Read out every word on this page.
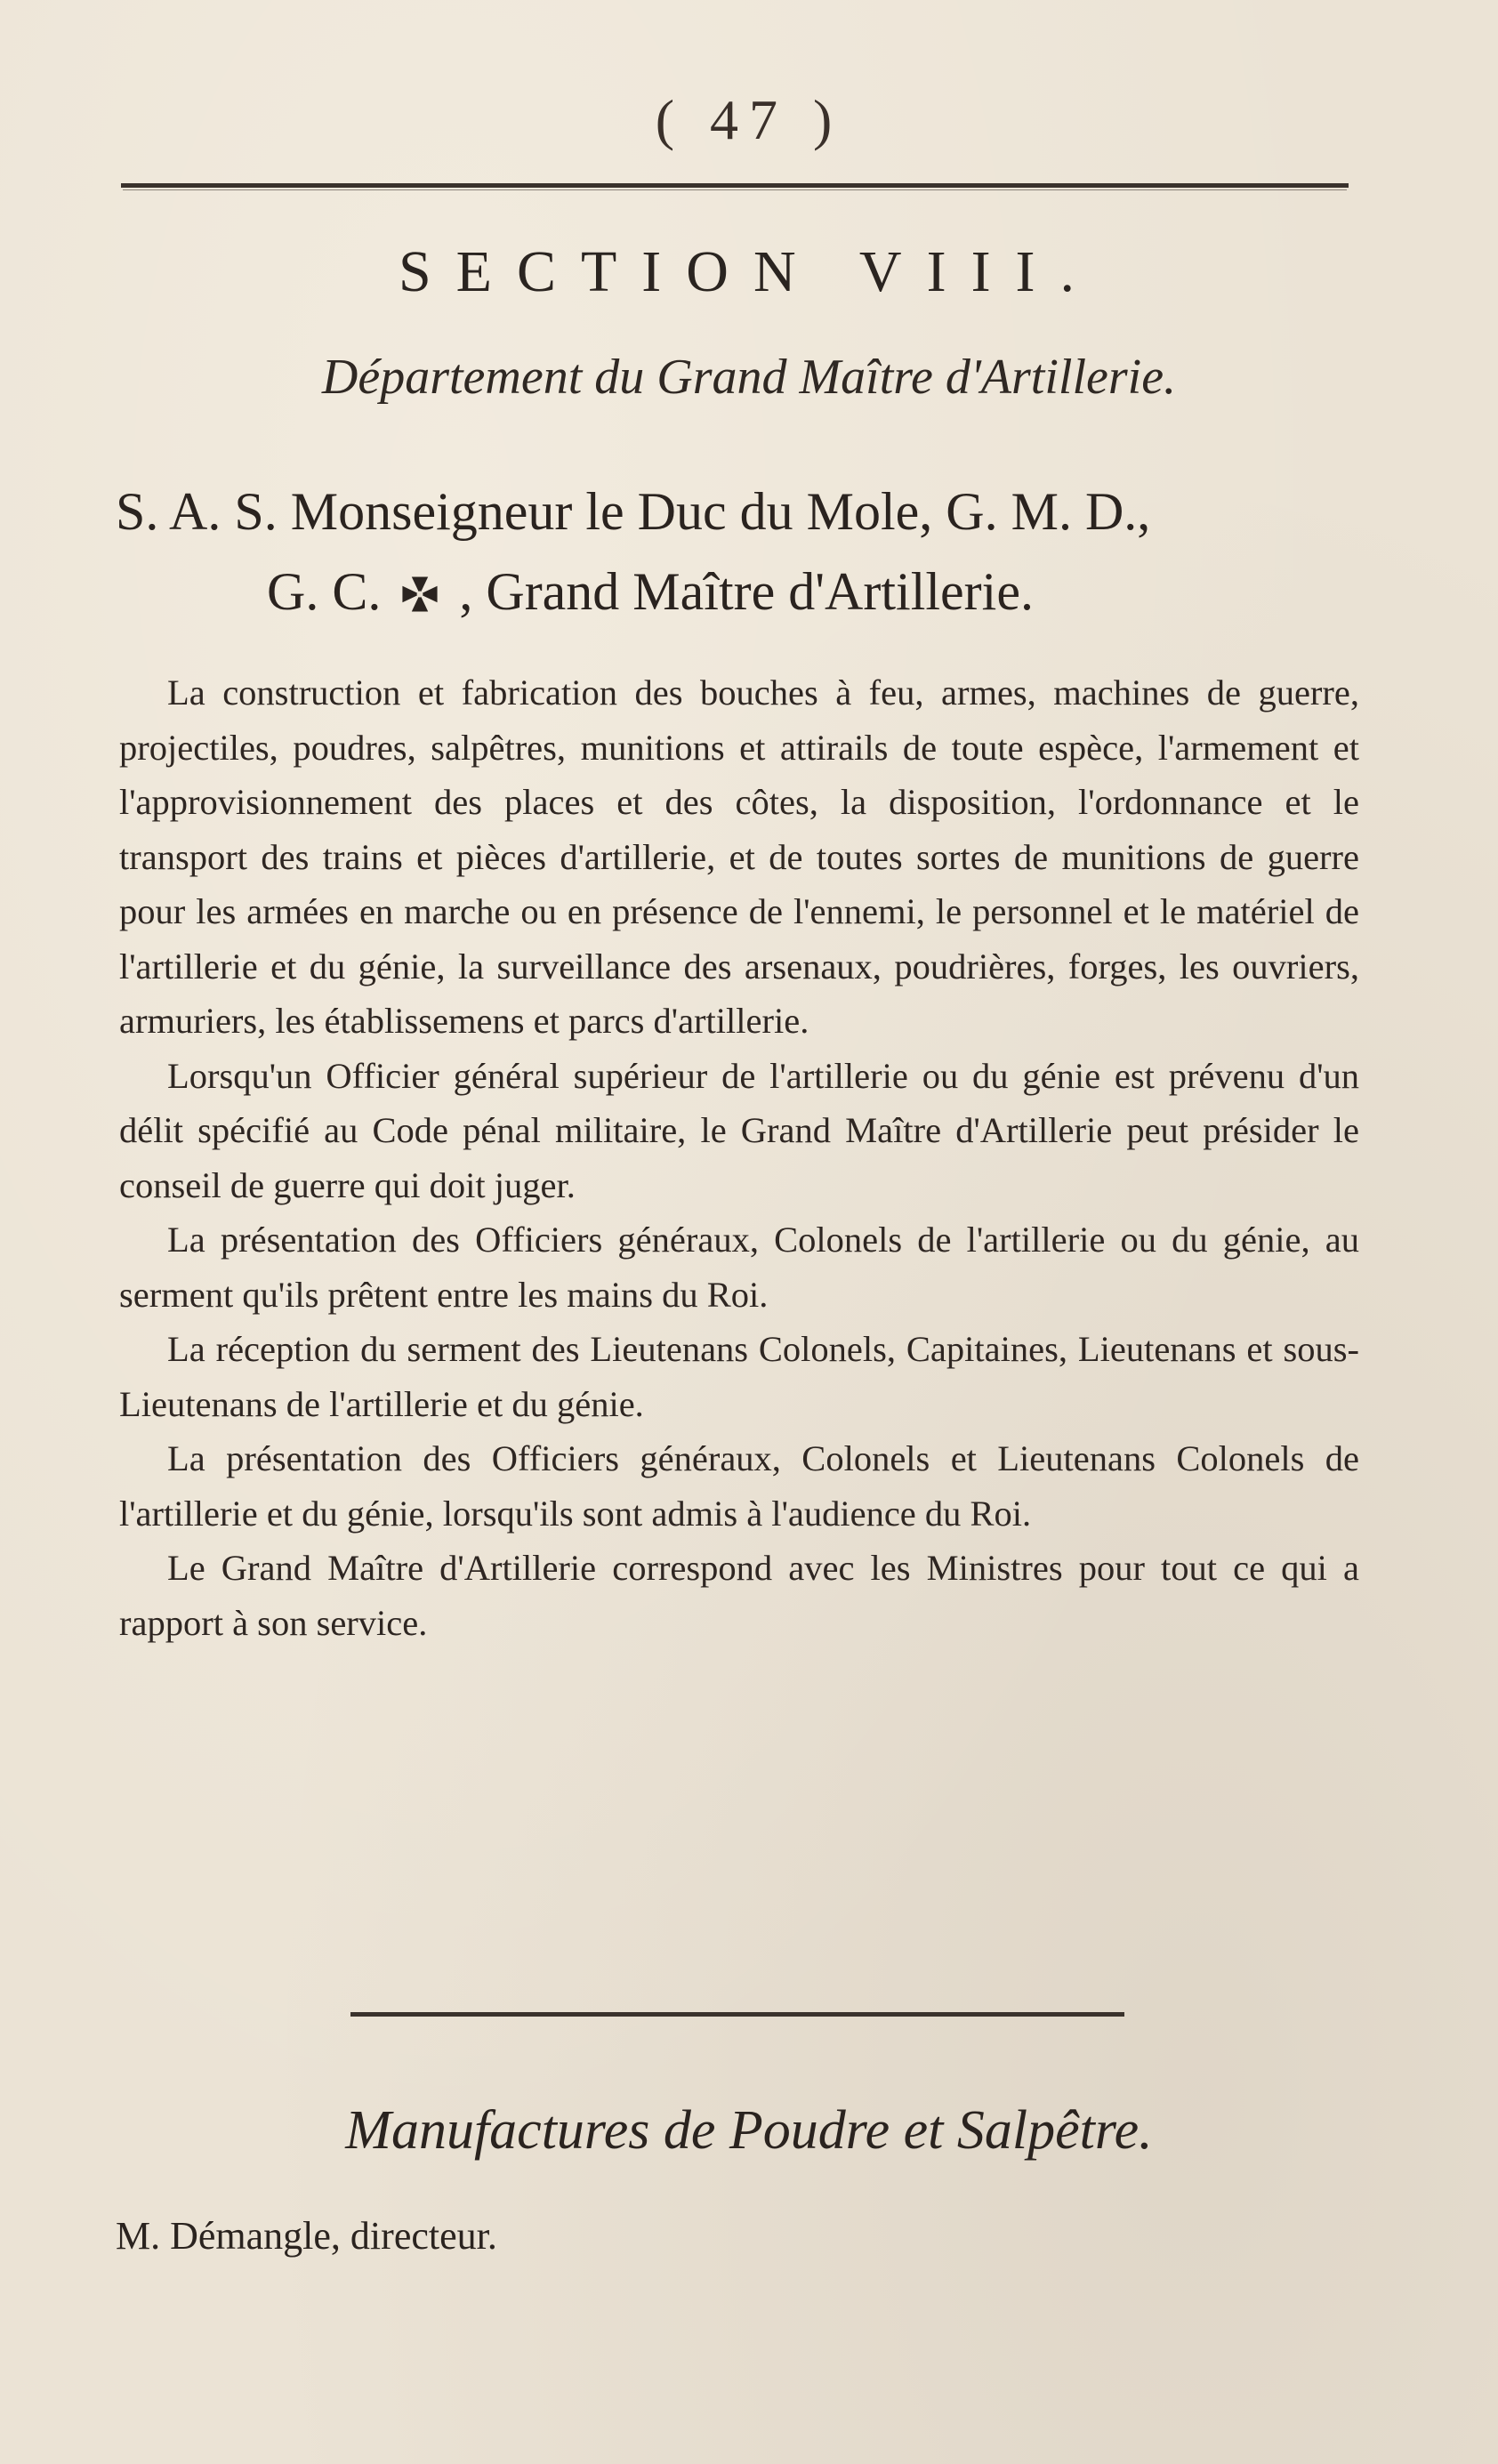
( 47 )
SECTION VIII.
Département du Grand Maître d'Artillerie.
S. A. S. Monseigneur le Duc du Mole, G. M. D.,
G. C. , Grand Maître d'Artillerie.

La construction et fabrication des bouches à feu, armes, machines de guerre, projectiles, poudres, salpêtres, munitions et attirails de toute espèce, l'armement et l'approvisionnement des places et des côtes, la disposition, l'ordonnance et le transport des trains et pièces d'artillerie, et de toutes sortes de munitions de guerre pour les armées en marche ou en présence de l'ennemi, le personnel et le matériel de l'artillerie et du génie, la surveillance des arsenaux, poudrières, forges, les ouvriers, armuriers, les établissemens et parcs d'artillerie.

Lorsqu'un Officier général supérieur de l'artillerie ou du génie est prévenu d'un délit spécifié au Code pénal militaire, le Grand Maître d'Artillerie peut présider le conseil de guerre qui doit juger.

La présentation des Officiers généraux, Colonels de l'artillerie ou du génie, au serment qu'ils prêtent entre les mains du Roi.

La réception du serment des Lieutenans Colonels, Capitaines, Lieutenans et sous-Lieutenans de l'artillerie et du génie.

La présentation des Officiers généraux, Colonels et Lieutenans Colonels de l'artillerie et du génie, lorsqu'ils sont admis à l'audience du Roi.

Le Grand Maître d'Artillerie correspond avec les Ministres pour tout ce qui a rapport à son service.

Manufactures de Poudre et Salpêtre.
M. Démangle, directeur.
